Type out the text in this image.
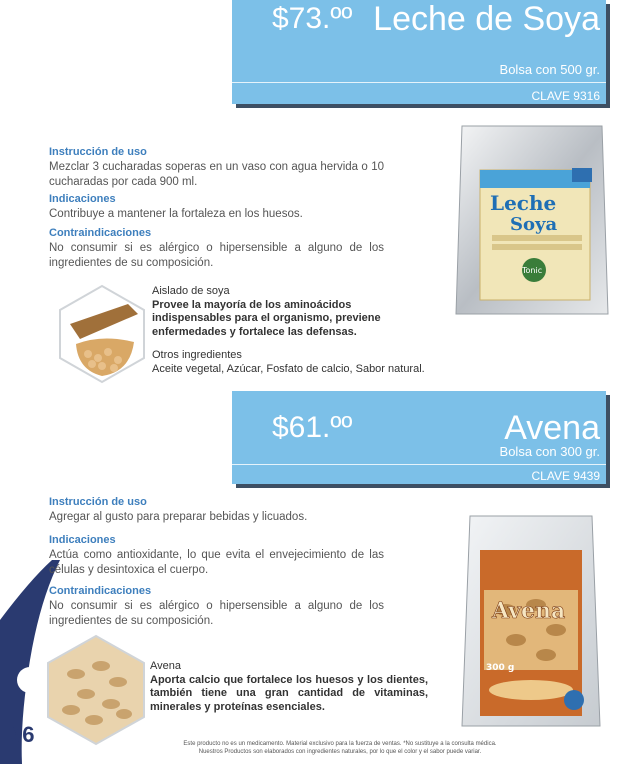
$73.ºº Leche de Soya
Bolsa con 500 gr.
CLAVE 9316
Instrucción de uso
Mezclar 3 cucharadas soperas en un vaso con agua hervida o 10 cucharadas por cada 900 ml.
Indicaciones
Contribuye a mantener la fortaleza en los huesos.
Contraindicaciones
No consumir si es alérgico o hipersensible a alguno de los ingredientes de su composición.
Aislado de soya
Provee la mayoría de los aminoácidos indispensables para el organismo, previene enfermedades y fortalece las defensas.
Otros ingredientes
Aceite vegetal, Azúcar, Fosfato de calcio, Sabor natural.
Leche
Soya
Tonic
$61.ºº	Avena
Bolsa con 300 gr.
CLAVE 9439
Instrucción de uso
Agregar al gusto para preparar bebidas y licuados.
Indicaciones
Actúa como antioxidante, lo que evita el envejecimiento de las células y desintoxica el cuerpo.
Contraindicaciones
No consumir si es alérgico o hipersensible a alguno de los ingredientes de su composición.
Avena
Aporta calcio que fortalece los huesos y los dientes, también tiene una gran cantidad de vitaminas, minerales y proteínas esenciales.
Avena
300 g
66	Este producto no es un medicamento. Material exclusivo para la fuerza de ventas. *No sustituye a la consulta médica.
Nuestros Productos son elaborados con ingredientes naturales, por lo que el color y el sabor puede variar.
